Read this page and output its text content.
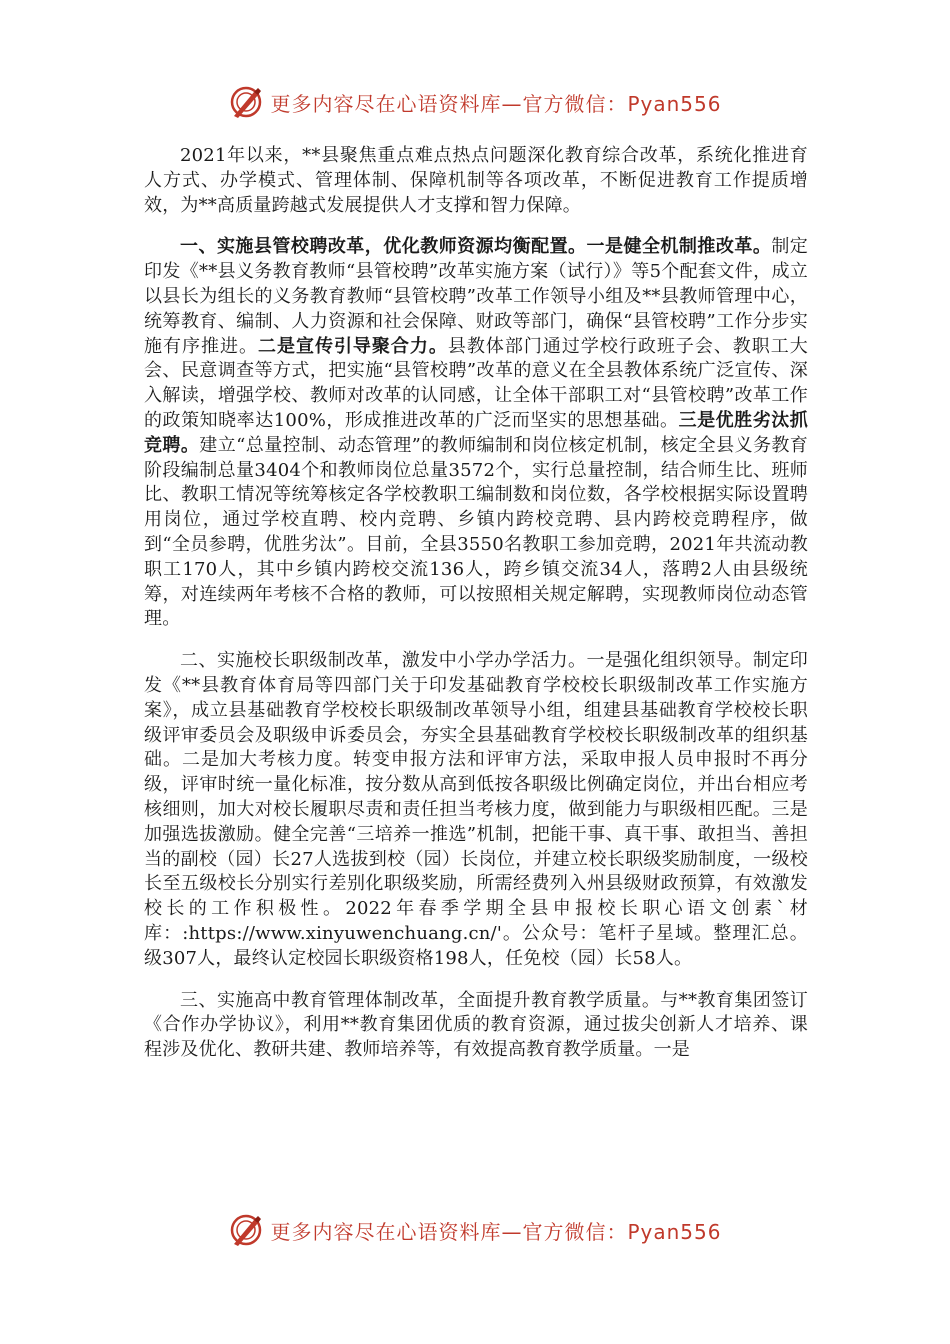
更多内容尽在心语资料库—官方微信：Pyan556

2021年以来，**县聚焦重点难点热点问题深化教育综合改革，系统化推进育人方式、办学模式、管理体制、保障机制等各项改革，不断促进教育工作提质增效，为**高质量跨越式发展提供人才支撑和智力保障。

一、实施县管校聘改革，优化教师资源均衡配置。一是健全机制推改革。制定印发《**县义务教育教师“县管校聘”改革实施方案（试行）》等5个配套文件，成立以县长为组长的义务教育教师“县管校聘”改革工作领导小组及**县教师管理中心，统筹教育、编制、人力资源和社会保障、财政等部门，确保“县管校聘”工作分步实施有序推进。二是宣传引导聚合力。县教体部门通过学校行政班子会、教职工大会、民意调查等方式，把实施“县管校聘”改革的意义在全县教体系统广泛宣传、深入解读，增强学校、教师对改革的认同感，让全体干部职工对“县管校聘”改革工作的政策知晓率达100%，形成推进改革的广泛而坚实的思想基础。三是优胜劣汰抓竞聘。建立“总量控制、动态管理”的教师编制和岗位核定机制，核定全县义务教育阶段编制总量3404个和教师岗位总量3572个，实行总量控制，结合师生比、班师比、教职工情况等统筹核定各学校教职工编制数和岗位数，各学校根据实际设置聘用岗位，通过学校直聘、校内竞聘、乡镇内跨校竞聘、县内跨校竞聘程序，做到“全员参聘，优胜劣汰”。目前，全县3550名教职工参加竞聘，2021年共流动教职工170人，其中乡镇内跨校交流136人，跨乡镇交流34人，落聘2人由县级统筹，对连续两年考核不合格的教师，可以按照相关规定解聘，实现教师岗位动态管理。

二、实施校长职级制改革，激发中小学办学活力。一是强化组织领导。制定印发《**县教育体育局等四部门关于印发基础教育学校校长职级制改革工作实施方案》，成立县基础教育学校校长职级制改革领导小组，组建县基础教育学校校长职级评审委员会及职级申诉委员会，夯实全县基础教育学校校长职级制改革的组织基础。二是加大考核力度。转变申报方法和评审方法，采取申报人员申报时不再分级，评审时统一量化标准，按分数从高到低按各职级比例确定岗位，并出台相应考核细则，加大对校长履职尽责和责任担当考核力度，做到能力与职级相匹配。三是加强选拔激励。健全完善“三培养一推选”机制，把能干事、真干事、敢担当、善担当的副校（园）长27人选拔到校（园）长岗位，并建立校长职级奖励制度，一级校长至五级校长分别实行差别化职级奖励，所需经费列入州县级财政预算，有效激发校长的工作积极性。2022年春季学期全县申报校长职心语文创素`材库：:https://www.xinyuwenchuang.cn/'。公众号：笔杆子星域。整理汇总。级307人，最终认定校园长职级资格198人，任免校（园）长58人。

三、实施高中教育管理体制改革，全面提升教育教学质量。与**教育集团签订《合作办学协议》，利用**教育集团优质的教育资源，通过拔尖创新人才培养、课程涉及优化、教研共建、教师培养等，有效提高教育教学质量。一是

更多内容尽在心语资料库—官方微信：Pyan556
